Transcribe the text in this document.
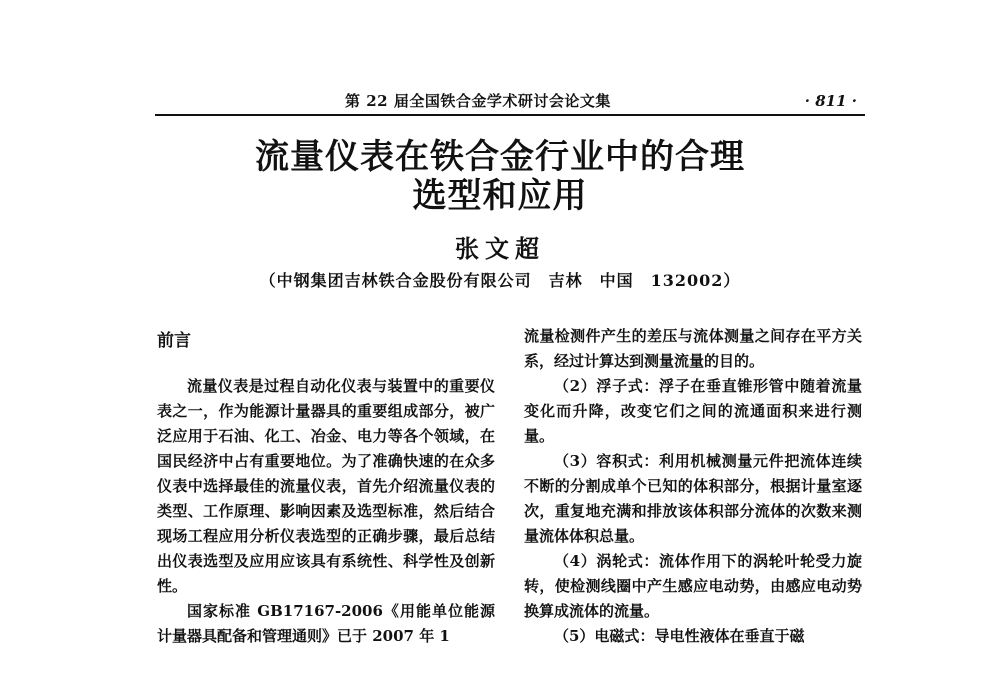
第 22 届全国铁合金学术研讨会论文集	· 811 ·
流量仪表在铁合金行业中的合理
选型和应用
张文超
（中钢集团吉林铁合金股份有限公司　吉林　中国　132002）
前言

流量仪表是过程自动化仪表与装置中的重要仪表之一，作为能源计量器具的重要组成部分，被广泛应用于石油、化工、冶金、电力等各个领域，在国民经济中占有重要地位。为了准确快速的在众多仪表中选择最佳的流量仪表，首先介绍流量仪表的类型、工作原理、影响因素及选型标准，然后结合现场工程应用分析仪表选型的正确步骤，最后总结出仪表选型及应用应该具有系统性、科学性及创新性。

国家标准 GB17167-2006《用能单位能源计量器具配备和管理通则》已于 2007 年 1

流量检测件产生的差压与流体测量之间存在平方关系，经过计算达到测量流量的目的。

（2）浮子式：浮子在垂直锥形管中随着流量变化而升降，改变它们之间的流通面积来进行测量。

（3）容积式：利用机械测量元件把流体连续不断的分割成单个已知的体积部分，根据计量室逐次，重复地充满和排放该体积部分流体的次数来测量流体体积总量。

（4）涡轮式：流体作用下的涡轮叶轮受力旋转，使检测线圈中产生感应电动势，由感应电动势换算成流体的流量。

（5）电磁式：导电性液体在垂直于磁
